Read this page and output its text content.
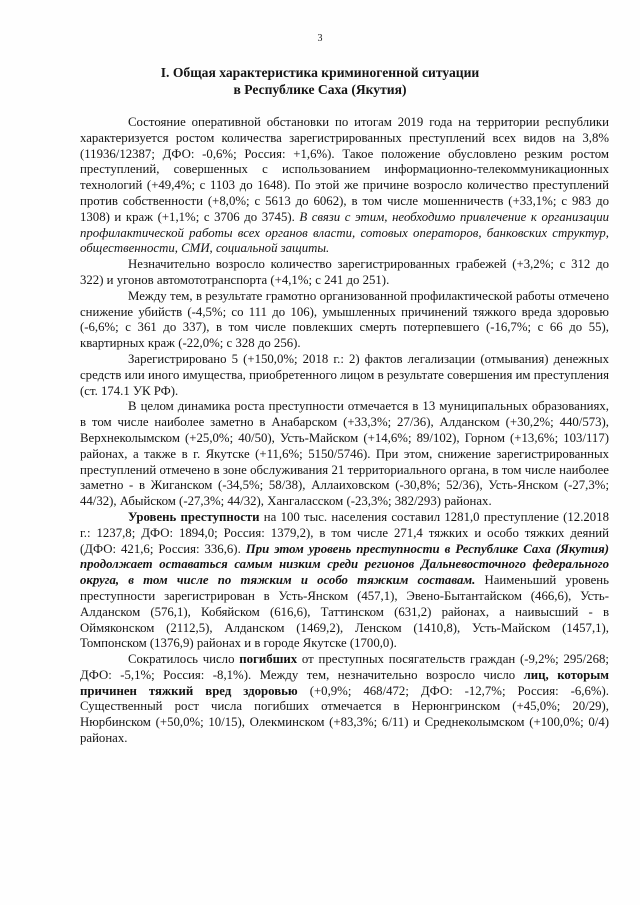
3
I. Общая характеристика криминогенной ситуации
в Республике Саха (Якутия)

Состояние оперативной обстановки по итогам 2019 года на территории республики характеризуется ростом количества зарегистрированных преступлений всех видов на 3,8% (11936/12387; ДФО: -0,6%; Россия: +1,6%). Такое положение обусловлено резким ростом преступлений, совершенных с использованием информационно-телекоммуникационных технологий (+49,4%; с 1103 до 1648). По этой же причине возросло количество преступлений против собственности (+8,0%; с 5613 до 6062), в том числе мошенничеств (+33,1%; с 983 до 1308) и краж (+1,1%; с 3706 до 3745). В связи с этим, необходимо привлечение к организации профилактической работы всех органов власти, сотовых операторов, банковских структур, общественности, СМИ, социальной защиты.

Незначительно возросло количество зарегистрированных грабежей (+3,2%; с 312 до 322) и угонов автомототранспорта (+4,1%; с 241 до 251).

Между тем, в результате грамотно организованной профилактической работы отмечено снижение убийств (-4,5%; со 111 до 106), умышленных причинений тяжкого вреда здоровью (-6,6%; с 361 до 337), в том числе повлекших смерть потерпевшего (-16,7%; с 66 до 55), квартирных краж (-22,0%; с 328 до 256).

Зарегистрировано 5 (+150,0%; 2018 г.: 2) фактов легализации (отмывания) денежных средств или иного имущества, приобретенного лицом в результате совершения им преступления (ст. 174.1 УК РФ).

В целом динамика роста преступности отмечается в 13 муниципальных образованиях, в том числе наиболее заметно в Анабарском (+33,3%; 27/36), Алданском (+30,2%; 440/573), Верхнеколымском (+25,0%; 40/50), Усть-Майском (+14,6%; 89/102), Горном (+13,6%; 103/117) районах, а также в г. Якутске (+11,6%; 5150/5746). При этом, снижение зарегистрированных преступлений отмечено в зоне обслуживания 21 территориального органа, в том числе наиболее заметно - в Жиганском (-34,5%; 58/38), Аллаиховском (-30,8%; 52/36), Усть-Янском (-27,3%; 44/32), Абыйском (-27,3%; 44/32), Хангаласском (-23,3%; 382/293) районах.

Уровень преступности на 100 тыс. населения составил 1281,0 преступление (12.2018 г.: 1237,8; ДФО: 1894,0; Россия: 1379,2), в том числе 271,4 тяжких и особо тяжких деяний (ДФО: 421,6; Россия: 336,6). При этом уровень преступности в Республике Саха (Якутия) продолжает оставаться самым низким среди регионов Дальневосточного федерального округа, в том числе по тяжким и особо тяжким составам. Наименьший уровень преступности зарегистрирован в Усть-Янском (457,1), Эвено-Бытантайском (466,6), Усть-Алданском (576,1), Кобяйском (616,6), Таттинском (631,2) районах, а наивысший - в Оймяконском (2112,5), Алданском (1469,2), Ленском (1410,8), Усть-Майском (1457,1), Томпонском (1376,9) районах и в городе Якутске (1700,0).

Сократилось число погибших от преступных посягательств граждан (-9,2%; 295/268; ДФО: -5,1%; Россия: -8,1%). Между тем, незначительно возросло число лиц, которым причинен тяжкий вред здоровью (+0,9%; 468/472; ДФО: -12,7%; Россия: -6,6%). Существенный рост числа погибших отмечается в Нерюнгринском (+45,0%; 20/29), Нюрбинском (+50,0%; 10/15), Олекминском (+83,3%; 6/11) и Среднеколымском (+100,0%; 0/4) районах.
